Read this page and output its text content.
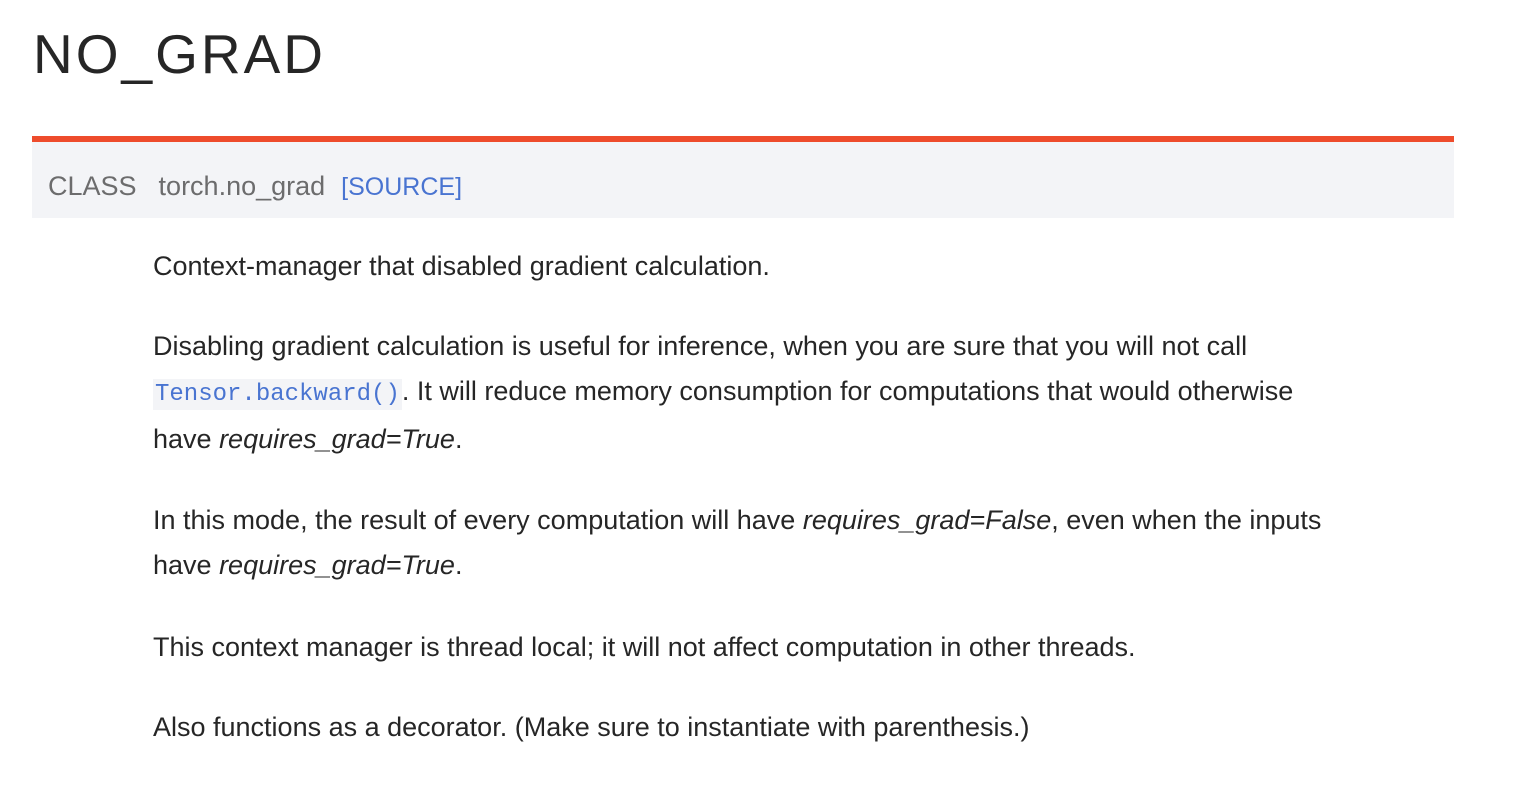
NO_GRAD
CLASS torch.no_grad [SOURCE]

Context-manager that disabled gradient calculation.

Disabling gradient calculation is useful for inference, when you are sure that you will not call
Tensor.backward(). It will reduce memory consumption for computations that would otherwise
have requires_grad=True.

In this mode, the result of every computation will have requires_grad=False, even when the inputs
have requires_grad=True.

This context manager is thread local; it will not affect computation in other threads.

Also functions as a decorator. (Make sure to instantiate with parenthesis.)
